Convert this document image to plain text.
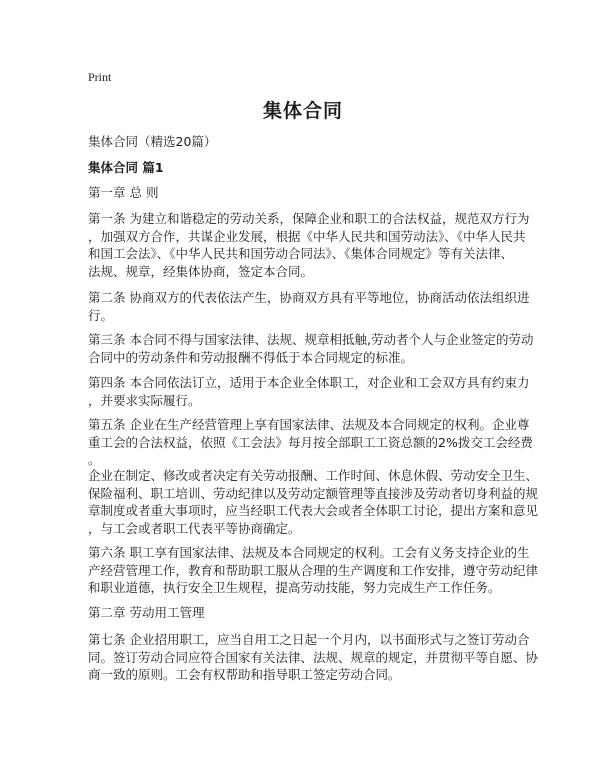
Print
集体合同
集体合同（精选20篇）
集体合同 篇1
第一章 总 则
第一条 为建立和谐稳定的劳动关系，保障企业和职工的合法权益，规范双方行为
，加强双方合作，共谋企业发展，根据《中华人民共和国劳动法》、《中华人民共
和国工会法》、《中华人民共和国劳动合同法》、《集体合同规定》等有关法律、
法规、规章，经集体协商，签定本合同。
第二条 协商双方的代表依法产生，协商双方具有平等地位，协商活动依法组织进
行。
第三条 本合同不得与国家法律、法规、规章相抵触,劳动者个人与企业签定的劳动
合同中的劳动条件和劳动报酬不得低于本合同规定的标准。
第四条 本合同依法订立，适用于本企业全体职工，对企业和工会双方具有约束力
，并要求实际履行。
第五条 企业在生产经营管理上享有国家法律、法规及本合同规定的权利。企业尊
重工会的合法权益，依照《工会法》每月按全部职工工资总额的2%拨交工会经费
。
企业在制定、修改或者决定有关劳动报酬、工作时间、休息休假、劳动安全卫生、
保险福利、职工培训、劳动纪律以及劳动定额管理等直接涉及劳动者切身利益的规
章制度或者重大事项时，应当经职工代表大会或者全体职工讨论，提出方案和意见
，与工会或者职工代表平等协商确定。
第六条 职工享有国家法律、法规及本合同规定的权利。工会有义务支持企业的生
产经营管理工作，教育和帮助职工服从合理的生产调度和工作安排，遵守劳动纪律
和职业道德，执行安全卫生规程，提高劳动技能，努力完成生产工作任务。
第二章 劳动用工管理
第七条 企业招用职工，应当自用工之日起一个月内，以书面形式与之签订劳动合
同。签订劳动合同应符合国家有关法律、法规、规章的规定，并贯彻平等自愿、协
商一致的原则。工会有权帮助和指导职工签定劳动合同。
